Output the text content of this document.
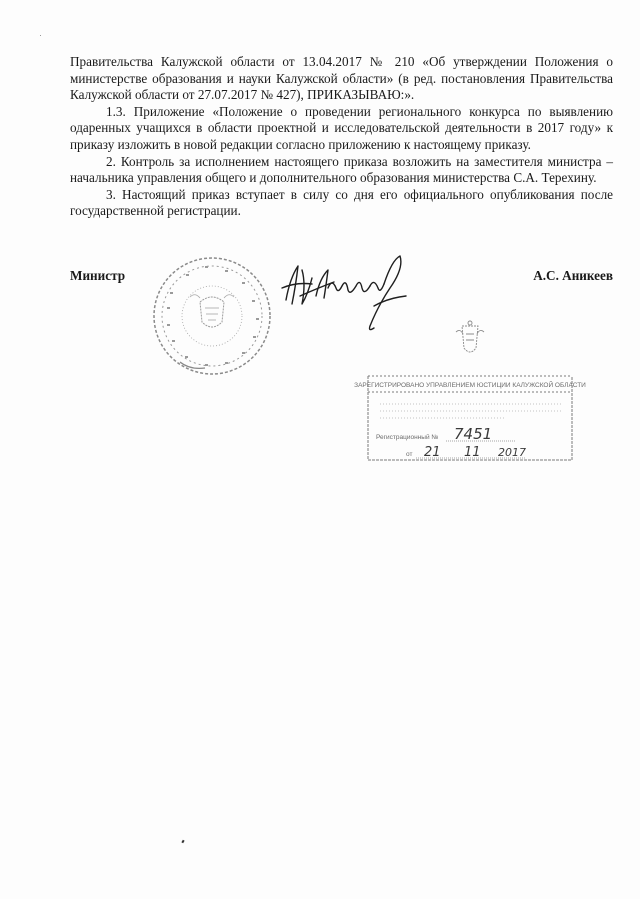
Правительства Калужской области от 13.04.2017 № 210 «Об утверждении Положения о министерстве образования и науки Калужской области» (в ред. постановления Правительства Калужской области от 27.07.2017 № 427), ПРИКАЗЫВАЮ:».

1.3. Приложение «Положение о проведении регионального конкурса по выявлению одаренных учащихся в области проектной и исследовательской деятельности в 2017 году» к приказу изложить в новой редакции согласно приложению к настоящему приказу.

2. Контроль за исполнением настоящего приказа возложить на заместителя министра – начальника управления общего и дополнительного образования министерства С.А. Терехину.

3. Настоящий приказ вступает в силу со дня его официального опубликования после государственной регистрации.

Министр	А.С. Аникеев
ЗАРЕГИСТРИРОВАНО УПРАВЛЕНИЕМ ЮСТИЦИИ КАЛУЖСКОЙ ОБЛАСТИ
Регистрационный № 7451
от 21 11 2017
